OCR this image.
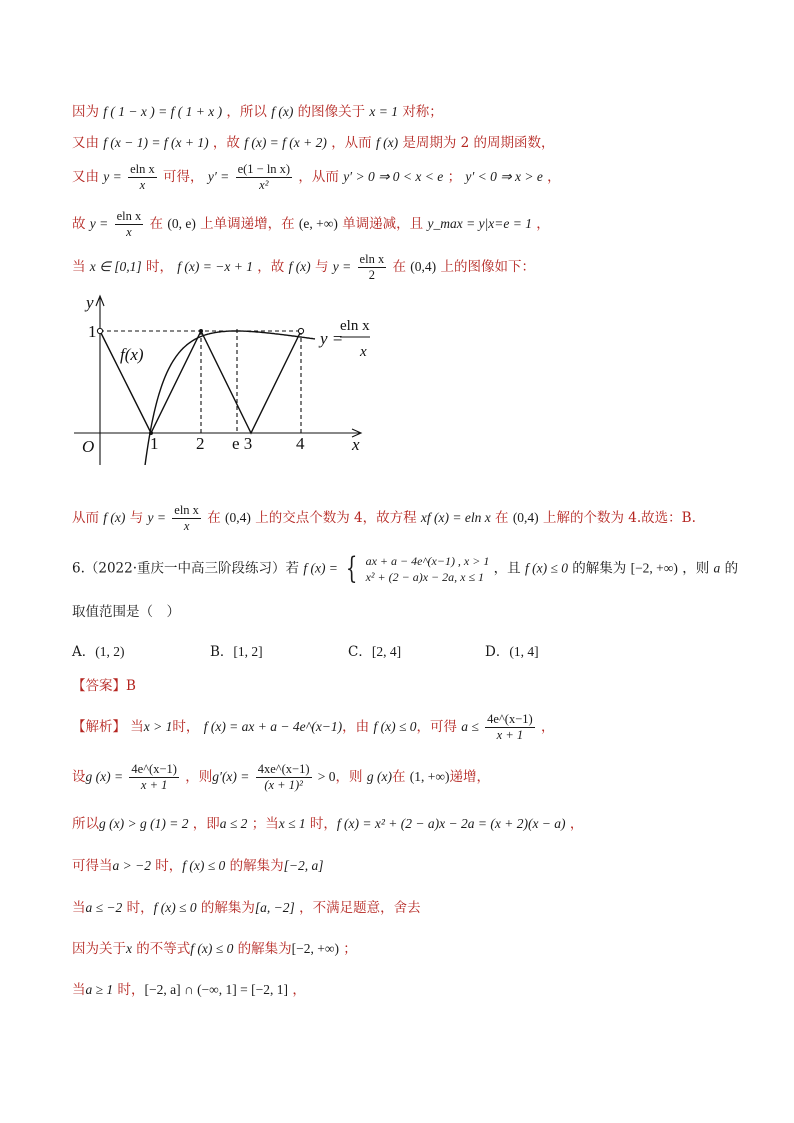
因为 f ( 1 − x ) = f ( 1 + x ) ，所以 f (x) 的图像关于 x = 1 对称；
又由 f (x − 1) = f (x + 1) ，故 f (x) = f (x + 2) ，从而 f (x) 是周期为 2 的周期函数，
又由 $y = \frac{\text{eln x}}{x}$ 可得， $y' = \frac{\text{e(1 − ln x)}}{\text{x²}}$ ，从而 y′ > 0 ⇒ 0 < x < e ； y′ < 0 ⇒ x > e ，
故 $y = \frac{\text{eln x}}{x}$ 在 (0, e) 上单调递增，在 (e, +∞) 单调递减，且 y_max = y|x=e = 1 ，
当 x ∈ [0,1] 时， f (x) = −x + 1 ，故 f (x) 与 $y = \frac{\text{eln x}}{2}$ 在 (0,4) 上的图像如下：
y
x
O
1
1 2 e 3	4
f(x)
y =
eln x
x
从而 f (x) 与 $y = \frac{\text{eln x}}{x}$ 在 (0,4) 上的交点个数为 4，故方程 xf (x) = eln x 在 (0,4) 上解的个数为 4.故选：B.
6.（2022·重庆一中高三阶段练习）若 f (x) = { ax + a − 4e^(x−1) , x > 1
x² + (2 − a)x − 2a, x ≤ 1
，且 f (x) ≤ 0 的解集为 [−2, +∞) ，则 a 的
取值范围是（　）
A．(1, 2)	B．[1, 2]	C．[2, 4]	D．(1, 4]
【答案】B
【解析】 当x > 1时， f (x) = ax + a − 4e^(x−1)，由 f (x) ≤ 0，可得 $a \le \frac{4e\^{}(x-1)}{x + 1}$ ，
设g $(x) = \frac{4e\^{}(x-1)}{x + 1}$ ，则$g'(x) = \frac{4xe\^{}(x-1)}{\text{(x + 1)²}} > 0$，则 g (x)在 (1, +∞)递增，
所以g (x) > g (1) = 2 ，即a ≤ 2 ；当x ≤ 1 时，f (x) = x² + (2 − a)x − 2a = (x + 2)(x − a) ，
可得当a > −2 时，f (x) ≤ 0 的解集为[−2, a]
当a ≤ −2 时，f (x) ≤ 0 的解集为[a, −2] ，不满足题意，舍去
因为关于x 的不等式f (x) ≤ 0 的解集为[−2, +∞) ；
当a ≥ 1 时，[−2, a] ∩ (−∞, 1] = [−2, 1] ，
